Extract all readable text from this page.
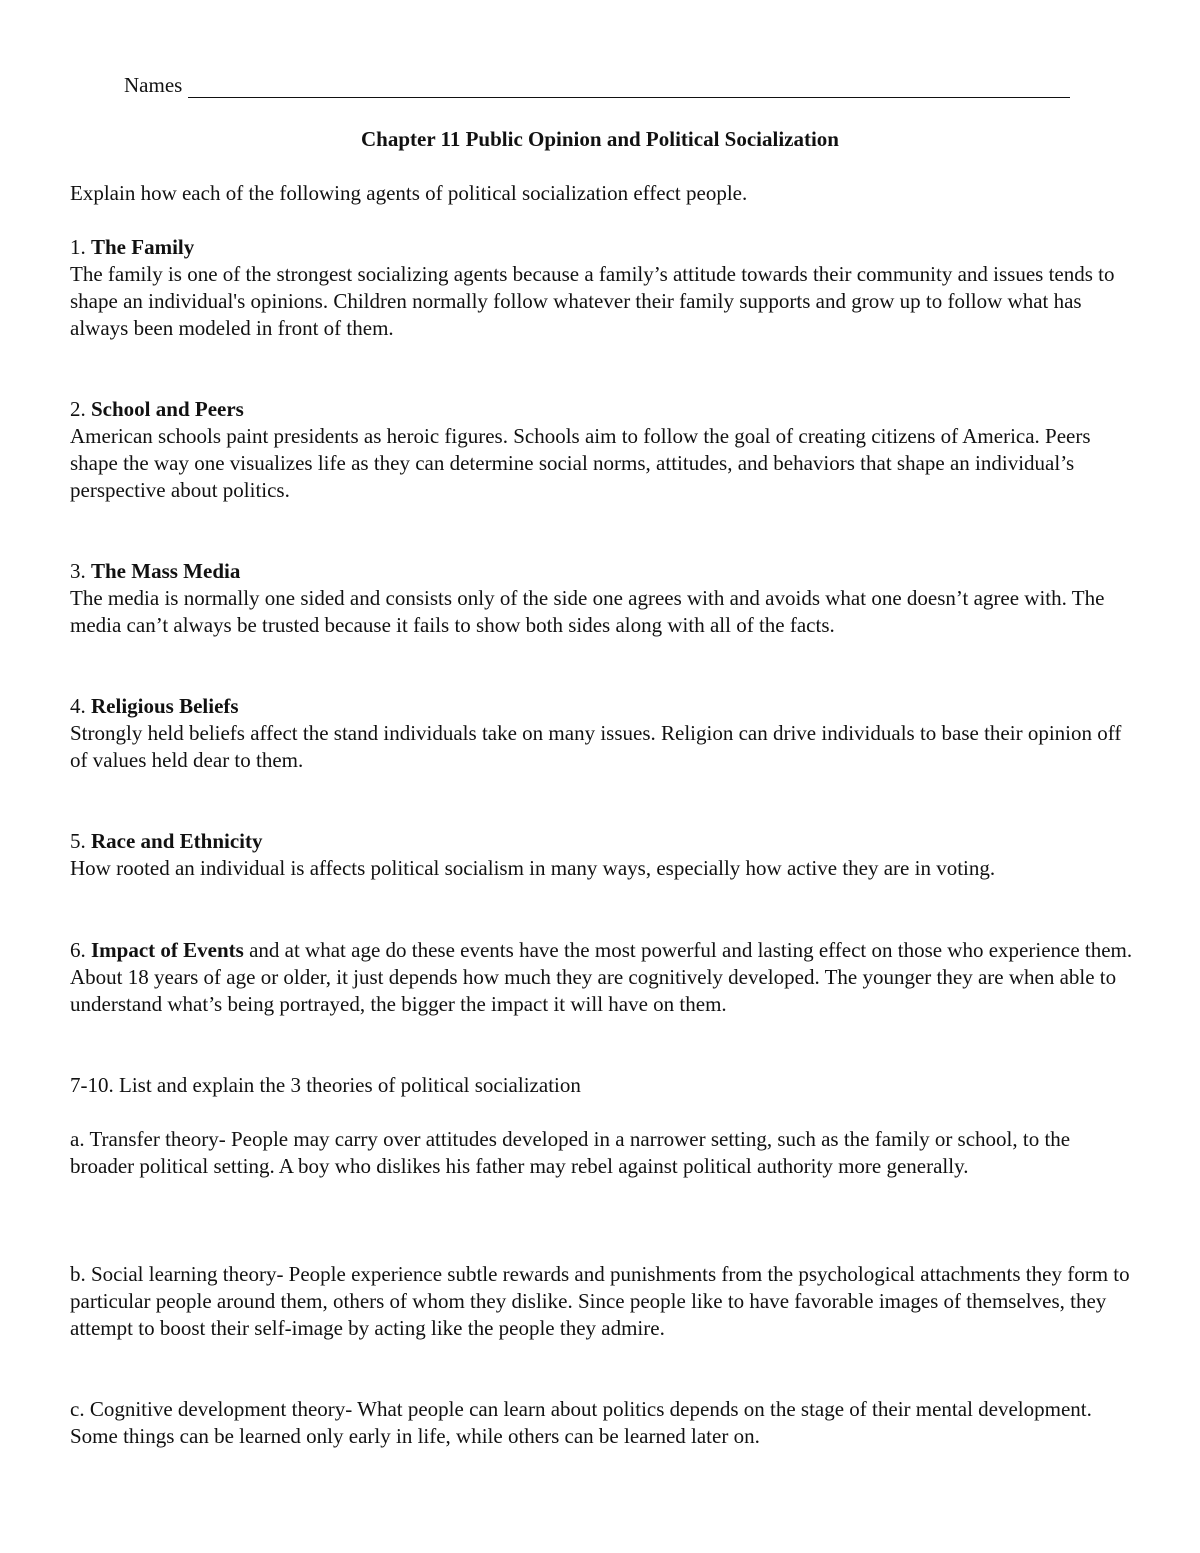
Names
Chapter 11 Public Opinion and Political Socialization

Explain how each of the following agents of political socialization effect people.

1. The Family

The family is one of the strongest socializing agents because a family’s attitude towards their community and issues tends to shape an individual's opinions. Children normally follow whatever their family supports and grow up to follow what has always been modeled in front of them.

2. School and Peers

American schools paint presidents as heroic figures. Schools aim to follow the goal of creating citizens of America. Peers shape the way one visualizes life as they can determine social norms, attitudes, and behaviors that shape an individual’s perspective about politics.

3. The Mass Media

The media is normally one sided and consists only of the side one agrees with and avoids what one doesn’t agree with. The media can’t always be trusted because it fails to show both sides along with all of the facts.

4. Religious Beliefs

Strongly held beliefs affect the stand individuals take on many issues. Religion can drive individuals to base their opinion off of values held dear to them.

5. Race and Ethnicity

How rooted an individual is affects political socialism in many ways, especially how active they are in voting.

6. Impact of Events and at what age do these events have the most powerful and lasting effect on those who experience them. About 18 years of age or older, it just depends how much they are cognitively developed. The younger they are when able to understand what’s being portrayed, the bigger the impact it will have on them.

7-10. List and explain the 3 theories of political socialization

a. Transfer theory- People may carry over attitudes developed in a narrower setting, such as the family or school, to the broader political setting. A boy who dislikes his father may rebel against political authority more generally.

b. Social learning theory- People experience subtle rewards and punishments from the psychological attachments they form to particular people around them, others of whom they dislike. Since people like to have favorable images of themselves, they attempt to boost their self-image by acting like the people they admire.

c. Cognitive development theory- What people can learn about politics depends on the stage of their mental development. Some things can be learned only early in life, while others can be learned later on.
